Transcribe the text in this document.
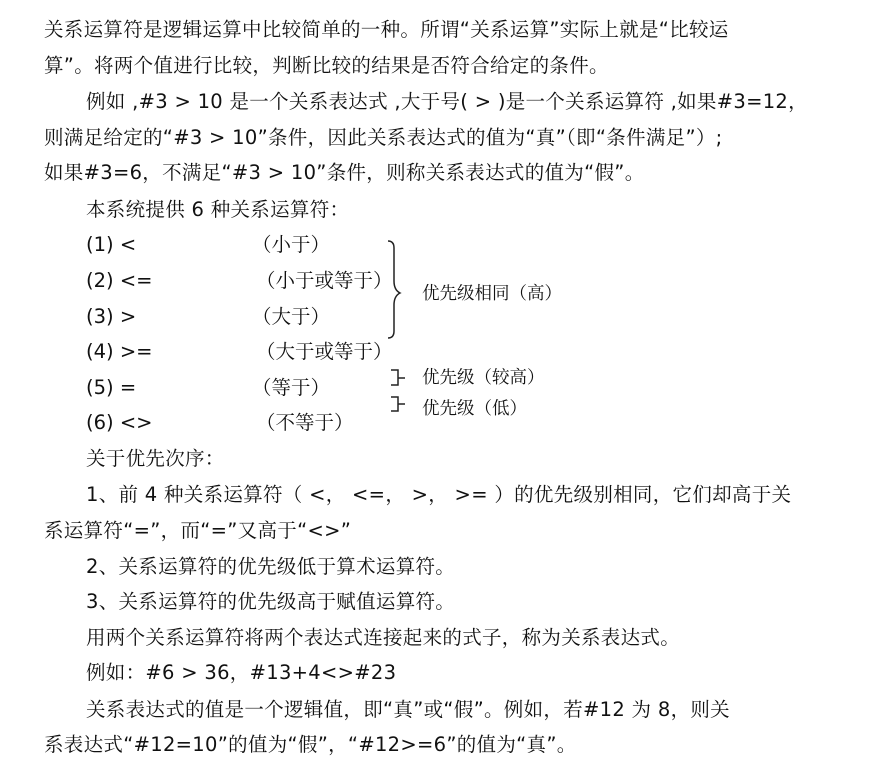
关系运算符是逻辑运算中比较简单的一种。所谓“关系运算”实际上就是“比较运
算”。将两个值进行比较，判断比较的结果是否符合给定的条件。
例如 ,#3 > 10 是一个关系表达式 ,大于号( > )是一个关系运算符 ,如果#3=12，
则满足给定的“#3 > 10”条件，因此关系表达式的值为“真”（即“条件满足”）;
如果#3=6，不满足“#3 > 10”条件，则称关系表达式的值为“假”。
本系统提供 6 种关系运算符：
(1) <	（小于）
(2) <=	（小于或等于）
(3) >	（大于）
(4) >=	（大于或等于）
(5) =	（等于）
(6) <>	（不等于）
优先级相同（高）
优先级（较高）
优先级（低）
关于优先次序：
1、前 4 种关系运算符（ <， <=， >， >= ）的优先级别相同，它们却高于关
系运算符“=”，而“=”又高于“<>”
2、关系运算符的优先级低于算术运算符。
3、关系运算符的优先级高于赋值运算符。
用两个关系运算符将两个表达式连接起来的式子，称为关系表达式。
例如：#6 > 36，#13+4<>#23
关系表达式的值是一个逻辑值，即“真”或“假”。例如，若#12 为 8，则关
系表达式“#12=10”的值为“假”，“#12>=6”的值为“真”。
